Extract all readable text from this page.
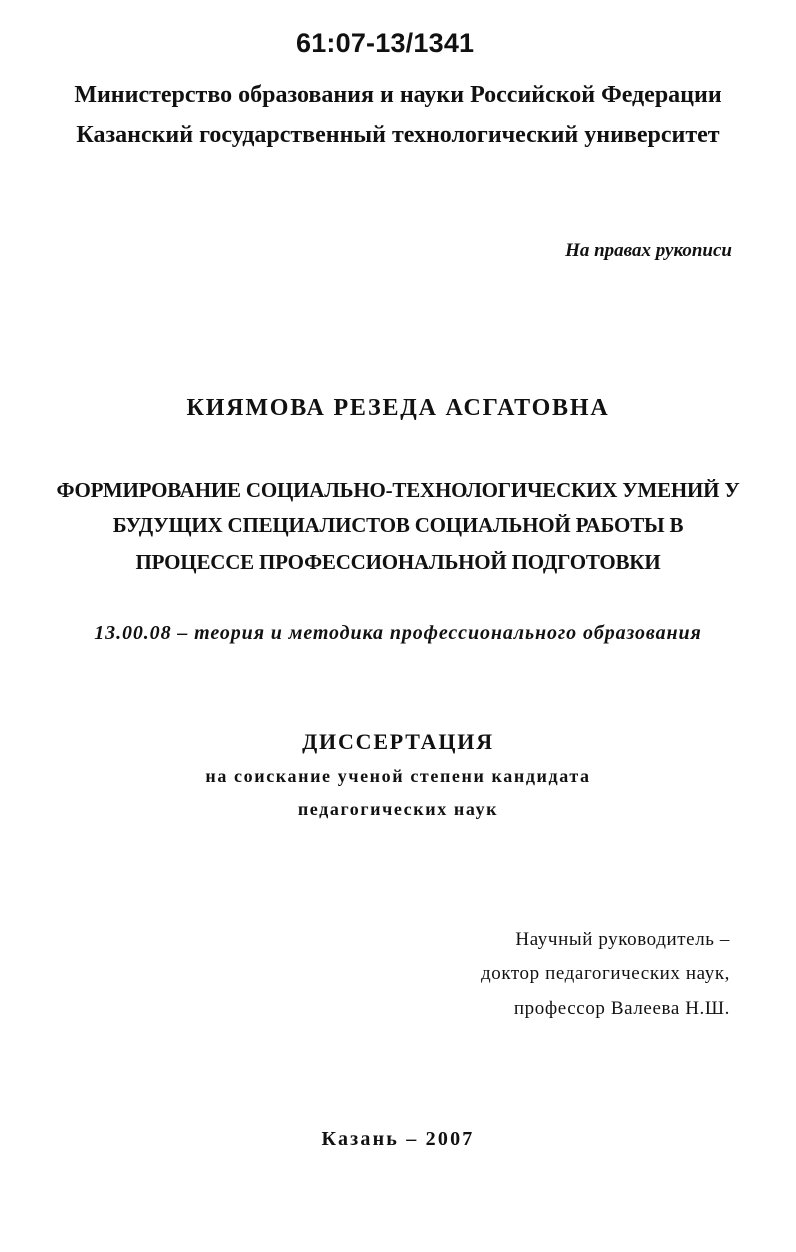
61:07-13/1341
Министерство образования и науки Российской Федерации
Казанский государственный технологический университет
На правах рукописи
КИЯМОВА РЕЗЕДА АСГАТОВНА
ФОРМИРОВАНИЕ СОЦИАЛЬНО-ТЕХНОЛОГИЧЕСКИХ УМЕНИЙ У
БУДУЩИХ СПЕЦИАЛИСТОВ СОЦИАЛЬНОЙ РАБОТЫ В
ПРОЦЕССЕ ПРОФЕССИОНАЛЬНОЙ ПОДГОТОВКИ
13.00.08 – теория и методика профессионального образования
ДИССЕРТАЦИЯ
на соискание ученой степени кандидата
педагогических наук
Научный руководитель –
доктор педагогических наук,
профессор Валеева Н.Ш.
Казань – 2007
